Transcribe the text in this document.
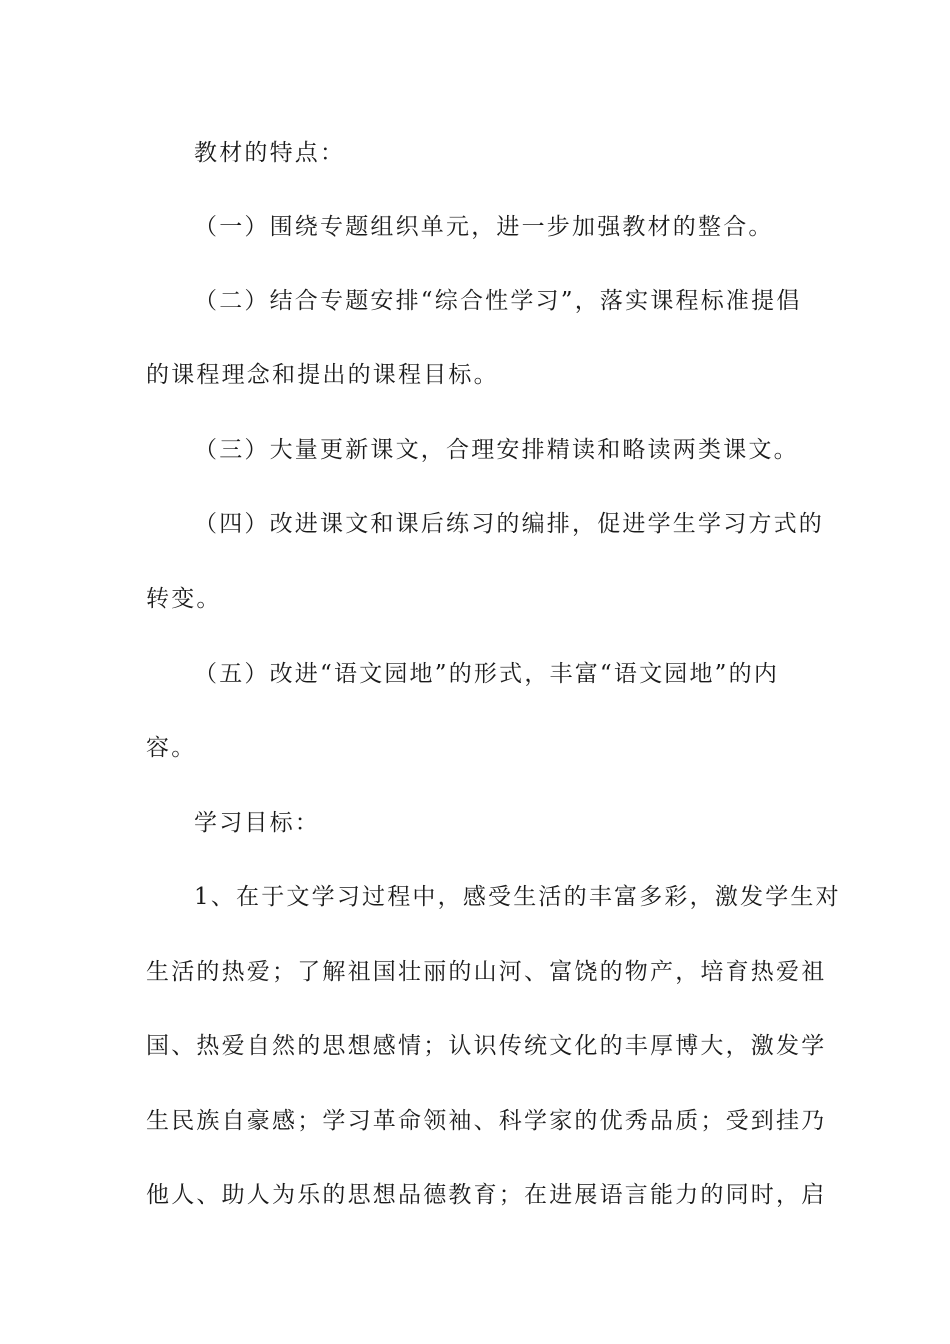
教材的特点：
（一）围绕专题组织单元，进一步加强教材的整合。
（二）结合专题安排“综合性学习”，落实课程标准提倡
的课程理念和提出的课程目标。
（三）大量更新课文，合理安排精读和略读两类课文。
（四）改进课文和课后练习的编排，促进学生学习方式的
转变。
（五）改进“语文园地”的形式，丰富“语文园地”的内
容。
学习目标：
1、在于文学习过程中，感受生活的丰富多彩，激发学生对
生活的热爱；了解祖国壮丽的山河、富饶的物产，培育热爱祖
国、热爱自然的思想感情；认识传统文化的丰厚博大，激发学
生民族自豪感；学习革命领袖、科学家的优秀品质；受到挂乃
他人、助人为乐的思想品德教育；在进展语言能力的同时，启
